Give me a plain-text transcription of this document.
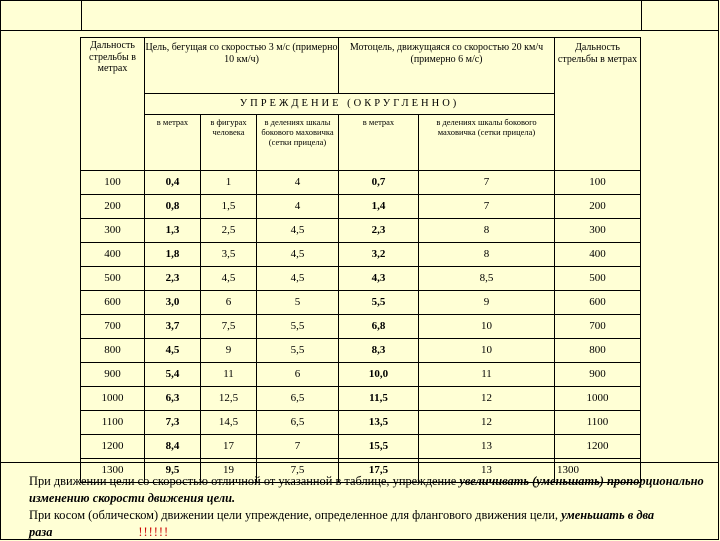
Дальность стрельбы в метрах	Цель, бегущая со скоростью 3 м/с (примерно 10 км/ч)			Мотоцель, движущаяся со скоростью 20 км/ч (примерно 6 м/с)		Дальность стрельбы в метрах
	УПРЕЖДЕНИЕ (ОКРУГЛЕННО)					
	в метрах	в фигурах человека	в делениях шкалы бокового маховичка (сетки прицела)	в метрах	в делениях шкалы бокового маховичка (сетки прицела)	
100	0,4	1	4	0,7	7	100
200	0,8	1,5	4	1,4	7	200
300	1,3	2,5	4,5	2,3	8	300
400	1,8	3,5	4,5	3,2	8	400
500	2,3	4,5	4,5	4,3	8,5	500
600	3,0	6	5	5,5	9	600
700	3,7	7,5	5,5	6,8	10	700
800	4,5	9	5,5	8,3	10	800
900	5,4	11	6	10,0	11	900
1000	6,3	12,5	6,5	11,5	12	1000
1100	7,3	14,5	6,5	13,5	12	1100
1200	8,4	17	7	15,5	13	1200
1300	9,5	19	7,5	17,5	13	1300

При движении цели со скоростью отличной от указанной в таблице, упреждение увеличивать (уменьшать) пропорционально изменению скорости движения цели.

При косом (облическом) движении цели упреждение, определенное для флангового движения цели, уменьшать в два раза	!!!!!!
